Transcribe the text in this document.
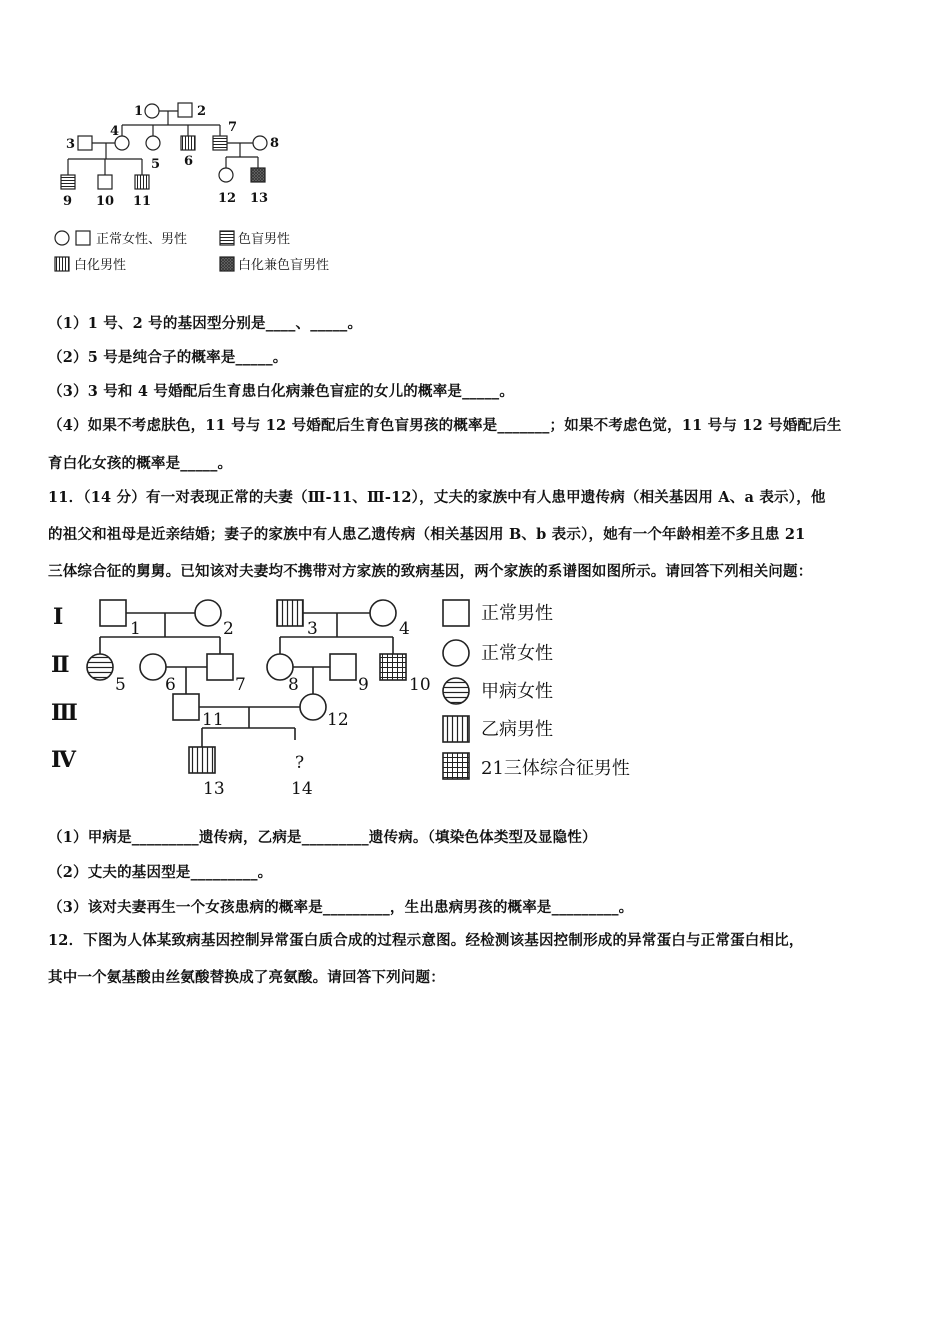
1	2
3
4
5 6
7
8
9 10 11	12 13
正常女性、男性	色盲男性
白化男性	白化兼色盲男性
（1）1 号、2 号的基因型分别是____、_____。
（2）5 号是纯合子的概率是_____。
（3）3 号和 4 号婚配后生育患白化病兼色盲症的女儿的概率是_____。
（4）如果不考虑肤色，11 号与 12 号婚配后生育色盲男孩的概率是_______；如果不考虑色觉，11 号与 12 号婚配后生
育白化女孩的概率是_____。
11．（14 分）有一对表现正常的夫妻（Ⅲ-11、Ⅲ-12），丈夫的家族中有人患甲遗传病（相关基因用 A、a 表示），他
的祖父和祖母是近亲结婚；妻子的家族中有人患乙遗传病（相关基因用 B、b 表示），她有一个年龄相差不多且患 21
三体综合征的舅舅。已知该对夫妻均不携带对方家族的致病基因，两个家族的系谱图如图所示。请回答下列相关问题：
Ⅰ
Ⅱ
Ⅲ
Ⅳ
1	2	3	4
5 6	7 8	9 10
11	12
13
?
14
正常男性
正常女性
甲病女性
乙病男性
21三体综合征男性
（1）甲病是_________遗传病，乙病是_________遗传病。（填染色体类型及显隐性）
（2）丈夫的基因型是_________。
（3）该对夫妻再生一个女孩患病的概率是_________，生出患病男孩的概率是_________。
12．下图为人体某致病基因控制异常蛋白质合成的过程示意图。经检测该基因控制形成的异常蛋白与正常蛋白相比，
其中一个氨基酸由丝氨酸替换成了亮氨酸。请回答下列问题：
